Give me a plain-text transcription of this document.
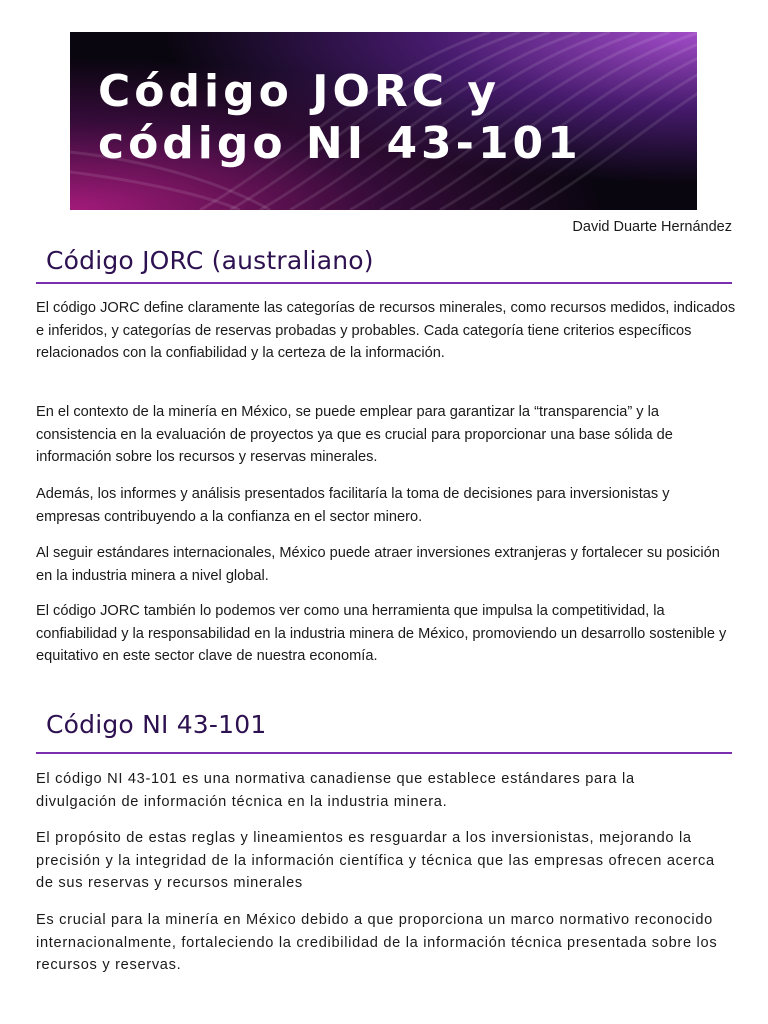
Código JORC y
código NI 43-101
David Duarte Hernández
Código JORC (australiano)

El código JORC define claramente las categorías de recursos minerales, como recursos medidos, indicados e inferidos, y categorías de reservas probadas y probables. Cada categoría tiene criterios específicos relacionados con la confiabilidad y la certeza de la información.

En el contexto de la minería en México, se puede emplear para garantizar la “transparencia” y la consistencia en la evaluación de proyectos ya que es crucial para proporcionar una base sólida de información sobre los recursos y reservas minerales.

Además, los informes y análisis presentados facilitaría la toma de decisiones para inversionistas y empresas contribuyendo a la confianza en el sector minero.

Al seguir estándares internacionales, México puede atraer inversiones extranjeras y fortalecer su posición en la industria minera a nivel global.

El código JORC también lo podemos ver como una herramienta que impulsa la competitividad, la confiabilidad y la responsabilidad en la industria minera de México, promoviendo un desarrollo sostenible y equitativo en este sector clave de nuestra economía.

Código NI 43-101

El código NI 43-101 es una normativa canadiense que establece estándares para la divulgación de información técnica en la industria minera.

El propósito de estas reglas y lineamientos es resguardar a los inversionistas, mejorando la precisión y la integridad de la información científica y técnica que las empresas ofrecen acerca de sus reservas y recursos minerales

Es crucial para la minería en México debido a que proporciona un marco normativo reconocido internacionalmente, fortaleciendo la credibilidad de la información técnica presentada sobre los recursos y reservas.
